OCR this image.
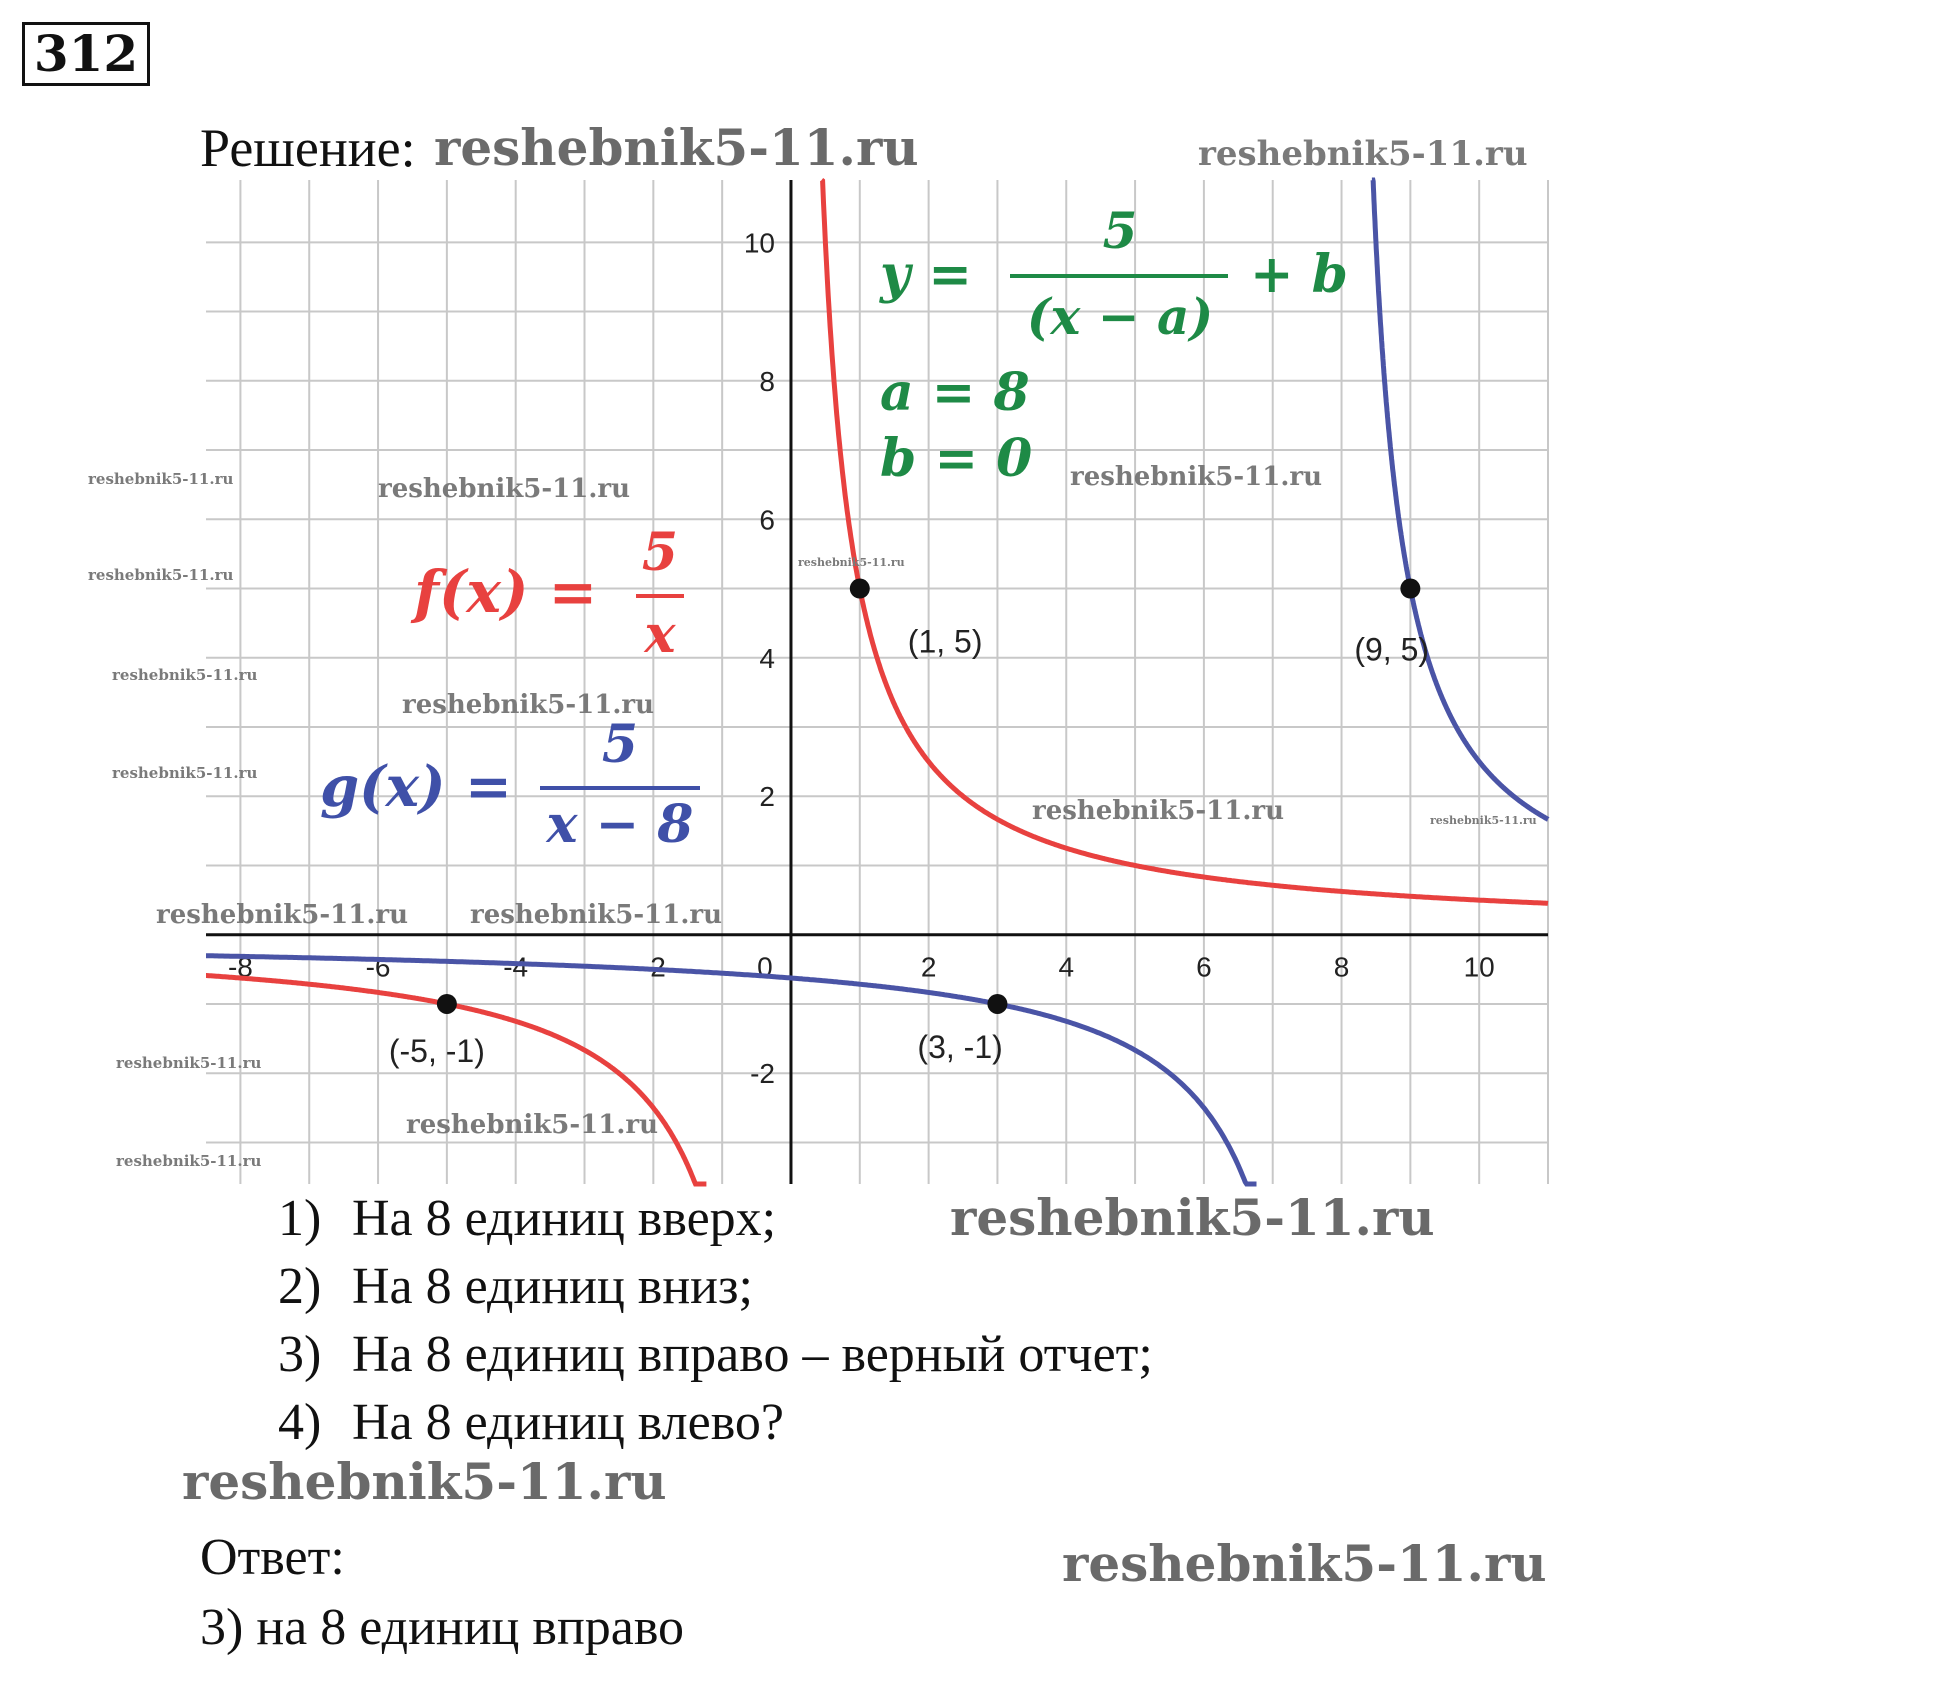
312
Решение:
-8	-6	-4	-2	0	2	4	6	8	10
-2
2
4
6
8
10
(1, 5)	(9, 5)
(-5, -1)	(3, -1)
y =
5
(x − a)
+ b
a = 8
b = 0
f(x) =
5
x
g(x) =
5
x − 8
reshebnik5-11.ru	reshebnik5-11.ru
reshebnik5-11.ru	reshebnik5-11.ru
reshebnik5-11.ru
reshebnik5-11.ru
reshebnik5-11.ru reshebnik5-11.ru
reshebnik5-11.ru
reshebnik5-11.ru
reshebnik5-11.ru
reshebnik5-11.ru
reshebnik5-11.ru
reshebnik5-11.ru
reshebnik5-11.ru
reshebnik5-11.ru
reshebnik5-11.ru
reshebnik5-11.ru
reshebnik5-11.ru
reshebnik5-11.ru
1) На 8 единиц вверх;
2) На 8 единиц вниз;
3) На 8 единиц вправо – верный отчет;
4) На 8 единиц влево?
Ответ:
3) на 8 единиц вправо
